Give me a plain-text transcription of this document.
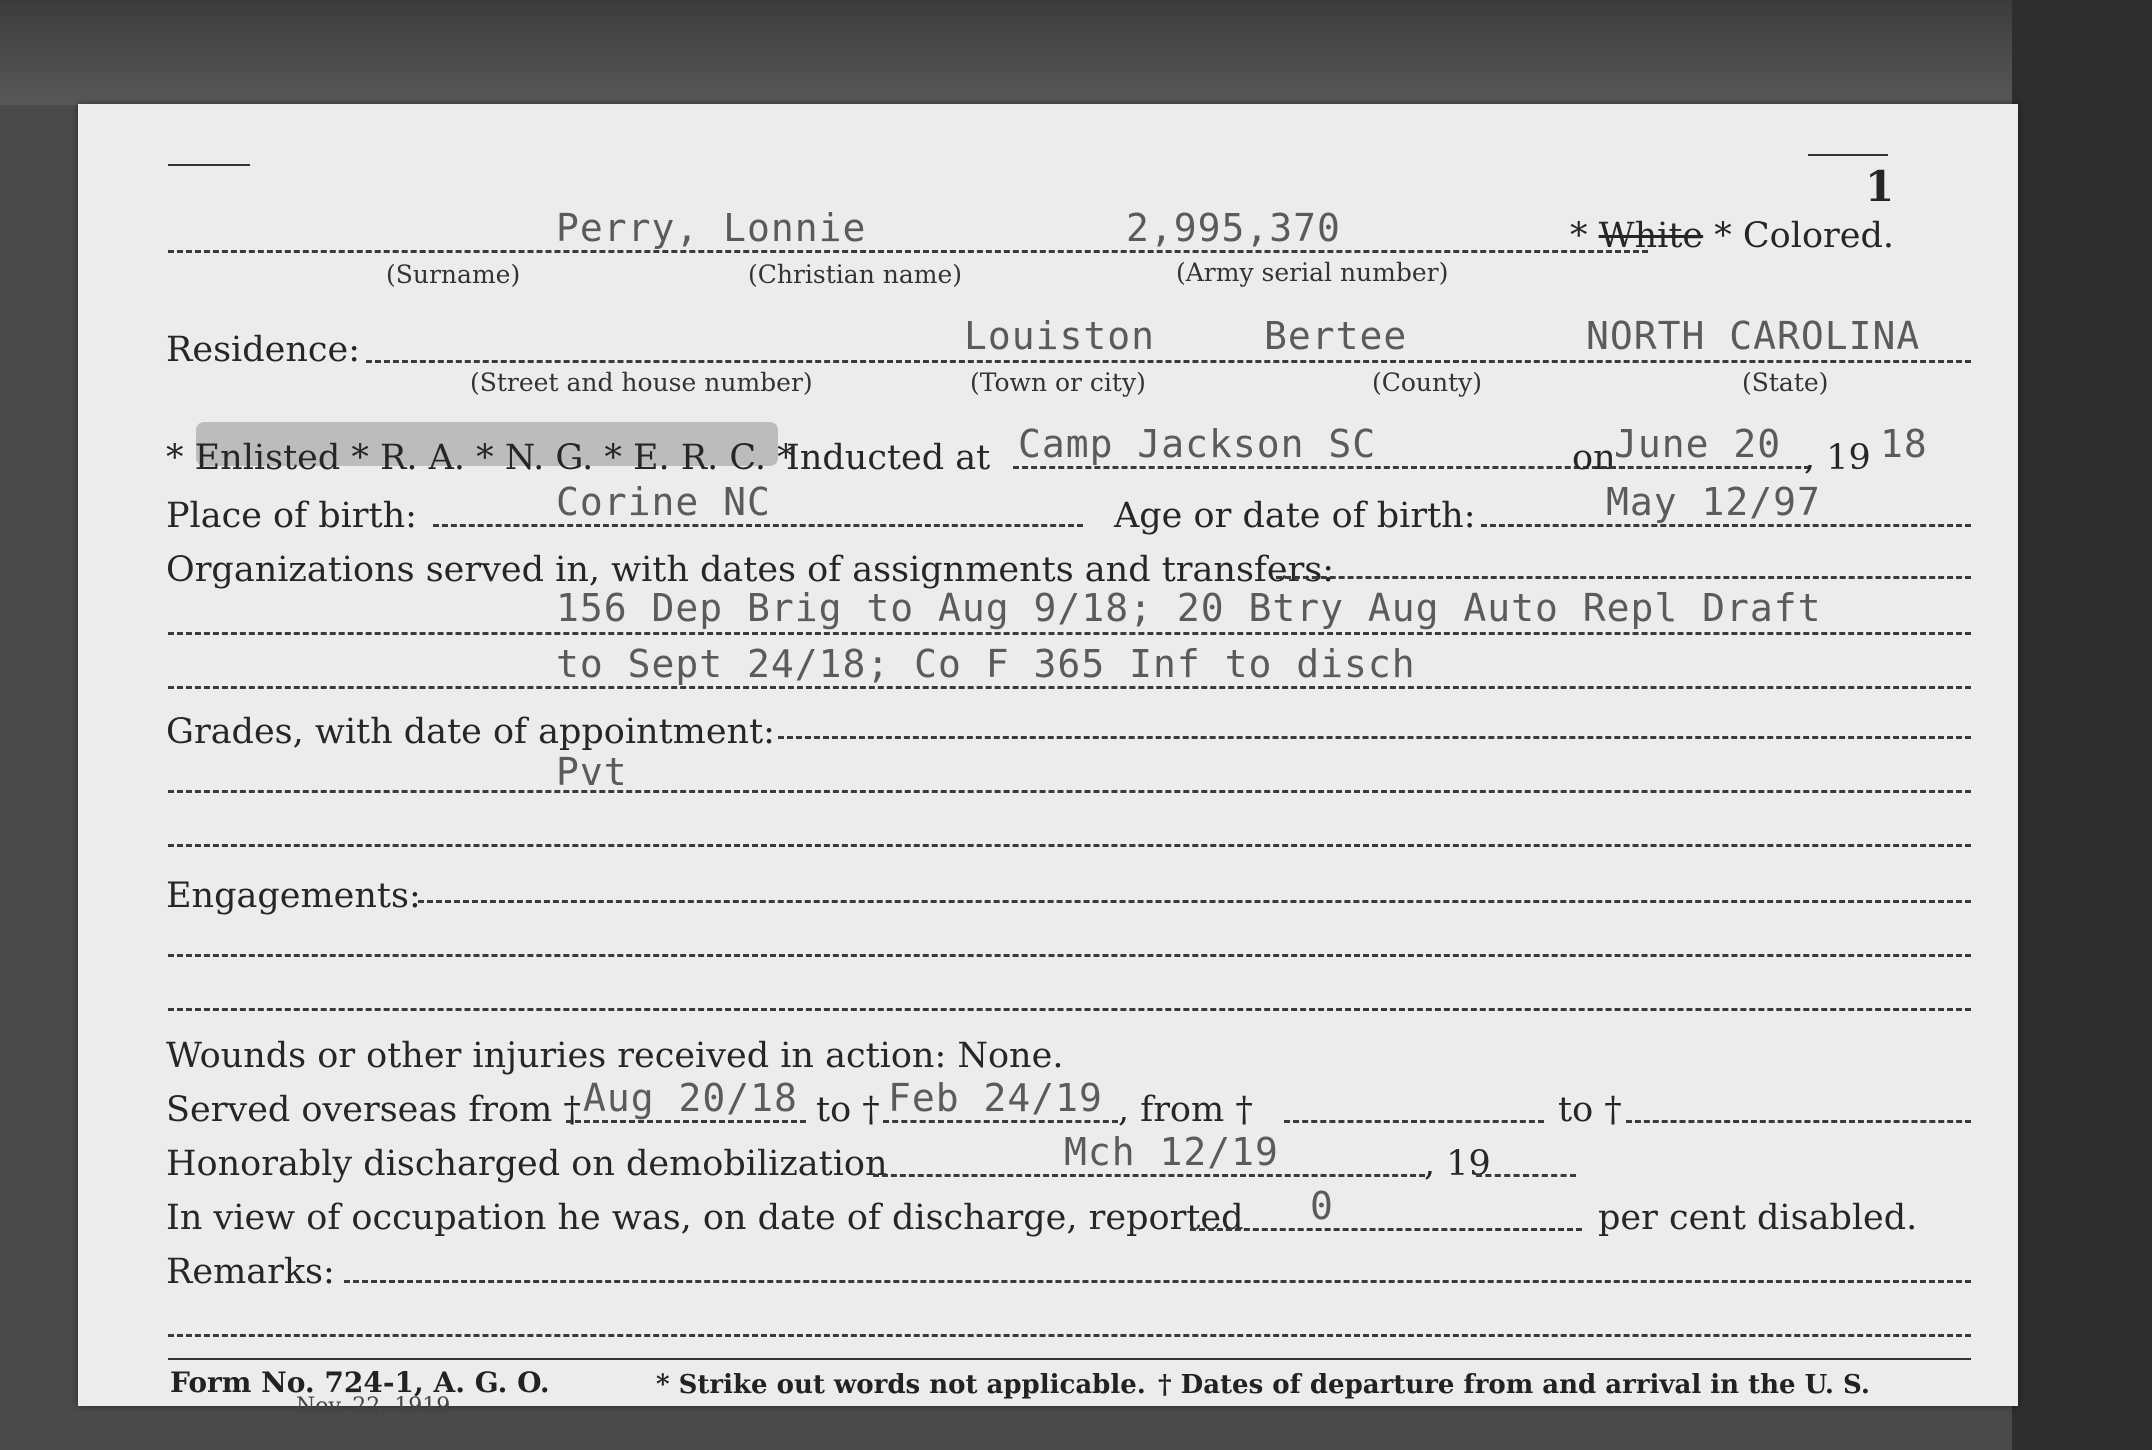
1
Perry, Lonnie	2,995,370	* White * Colored.
(Surname)	(Christian name)	(Army serial number)
Residence:	Louiston	Bertee	NORTH CAROLINA
(Street and house number)	(Town or city)	(County)	(State)
* Enlisted * R. A. * N. G. * E. R. C. *
Inducted at Camp Jackson SC	on
June 20 , 19 18
Place of birth:	Corine NC	Age or date of birth:	May 12/97
Organizations served in, with dates of assignments and transfers:
156 Dep Brig to Aug 9/18; 20 Btry Aug Auto Repl Draft
to Sept 24/18; Co F 365 Inf to disch
Grades, with date of appointment:
Pvt
Engagements:
Wounds or other injuries received in action: None.
Served overseas from † Aug 20/18 to † Feb 24/19 , from †	to †
Honorably discharged on demobilization	Mch 12/19	, 19
In view of occupation he was, on date of discharge, reported 0	per cent disabled.
Remarks:
Form No. 724-1, A. G. O.	* Strike out words not applicable. † Dates of departure from and arrival in the U. S.
Nov. 22, 1919
